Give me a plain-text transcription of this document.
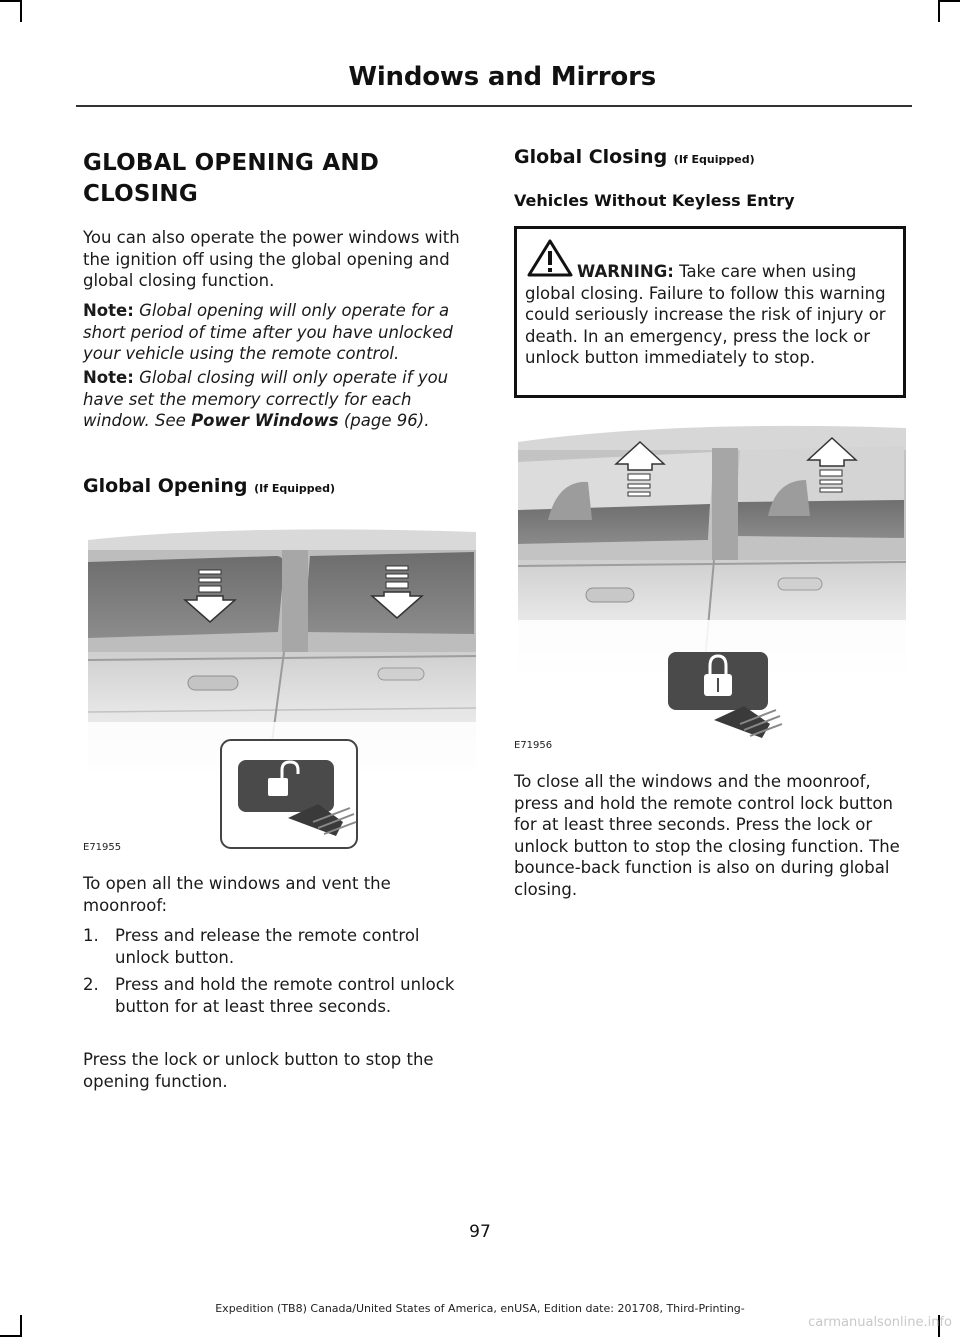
Windows and Mirrors
GLOBAL OPENING AND
CLOSING
You can also operate the power windows with the ignition off using the global opening and global closing function.
Note: Global opening will only operate for a short period of time after you have unlocked your vehicle using the remote control.
Note: Global closing will only operate if you have set the memory correctly for each window. See Power Windows (page 96).
Global Opening (If Equipped)
E71955
To open all the windows and vent the moonroof:
1. Press and release the remote control unlock button.
2. Press and hold the remote control unlock button for at least three seconds.
Press the lock or unlock button to stop the opening function.
Global Closing (If Equipped)
Vehicles Without Keyless Entry
WARNING: Take care when using global closing. Failure to follow this warning could seriously increase the risk of injury or death. In an emergency, press the lock or unlock button immediately to stop.
E71956
To close all the windows and the moonroof, press and hold the remote control lock button for at least three seconds. Press the lock or unlock button to stop the closing function. The bounce-back function is also on during global closing.
97
Expedition (TB8) Canada/United States of America, enUSA, Edition date: 201708, Third-Printing-
carmanualsonline.info
